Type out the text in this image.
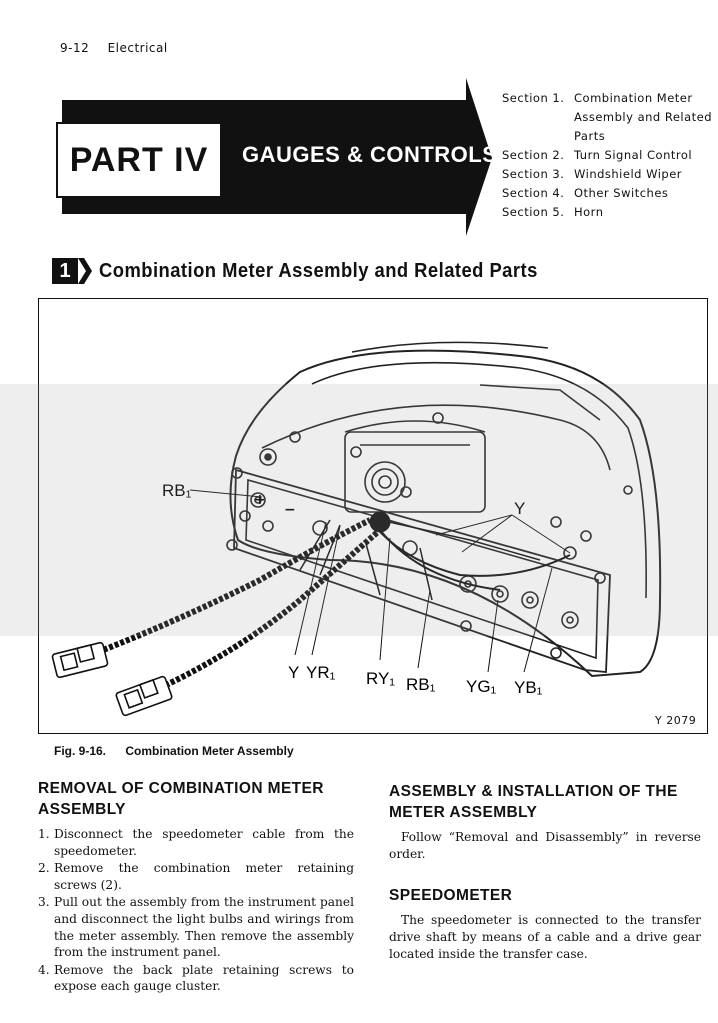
9-12 Electrical
PART IV	GAUGES & CONTROLS
Section 1. Combination Meter Assembly and Related Parts
Section 2. Turn Signal Control
Section 3. Windshield Wiper
Section 4. Other Switches
Section 5. Horn
1	Combination Meter Assembly and Related Parts
RB₁
Y
+
−
Y YR₁ RY₁ RB₁ YG₁ YB₁
Y 2079
Fig. 9-16. Combination Meter Assembly
REMOVAL OF COMBINATION METER ASSEMBLY
1. Disconnect the speedometer cable from the speedometer.
2. Remove the combination meter retaining screws (2).
3. Pull out the assembly from the instrument panel and disconnect the light bulbs and wirings from the meter assembly. Then remove the assembly from the instrument panel.
4. Remove the back plate retaining screws to expose each gauge cluster.
ASSEMBLY & INSTALLATION OF THE METER ASSEMBLY

Follow “Removal and Disassembly” in reverse order.

SPEEDOMETER

The speedometer is connected to the transfer drive shaft by means of a cable and a drive gear located inside the transfer case.
